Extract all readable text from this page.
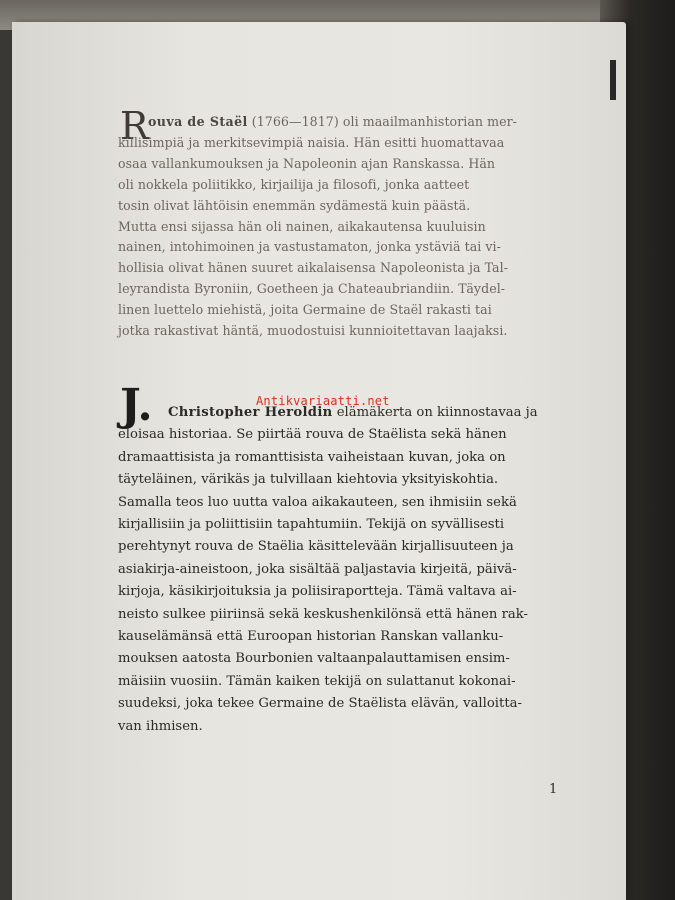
R ouva de Staël (1766—1817) oli maailmanhistorian mer-
killisimpiä ja merkitsevimpiä naisia. Hän esitti huomattavaa
osaa vallankumouksen ja Napoleonin ajan Ranskassa. Hän
oli nokkela poliitikko, kirjailija ja filosofi, jonka aatteet
tosin olivat lähtöisin enemmän sydämestä kuin päästä.
Mutta ensi sijassa hän oli nainen, aikakautensa kuuluisin
nainen, intohimoinen ja vastustamaton, jonka ystäviä tai vi-
hollisia olivat hänen suuret aikalaisensa Napoleonista ja Tal-
leyrandista Byroniin, Goetheen ja Chateaubriandiin. Täydel-
linen luettelo miehistä, joita Germaine de Staël rakasti tai
jotka rakastivat häntä, muodostuisi kunnioitettavan laajaksi.
J.	Christopher Heroldin elämäkerta on kiinnostavaa ja
eloisaa historiaa. Se piirtää rouva de Staëlista sekä hänen
dramaattisista ja romanttisista vaiheistaan kuvan, joka on
täyteläinen, värikäs ja tulvillaan kiehtovia yksityiskohtia.
Samalla teos luo uutta valoa aikakauteen, sen ihmisiin sekä
kirjallisiin ja poliittisiin tapahtumiin. Tekijä on syvällisesti
perehtynyt rouva de Staëlia käsittelevään kirjallisuuteen ja
asiakirja-aineistoon, joka sisältää paljastavia kirjeitä, päivä-
kirjoja, käsikirjoituksia ja poliisiraportteja. Tämä valtava ai-
neisto sulkee piiriinsä sekä keskushenkilönsä että hänen rak-
kauselämänsä että Euroopan historian Ranskan vallanku-
mouksen aatosta Bourbonien valtaanpalauttamisen ensim-
mäisiin vuosiin. Tämän kaiken tekijä on sulattanut kokonai-
suudeksi, joka tekee Germaine de Staëlista elävän, valloitta-
van ihmisen.
Antikvariaatti.net
1
